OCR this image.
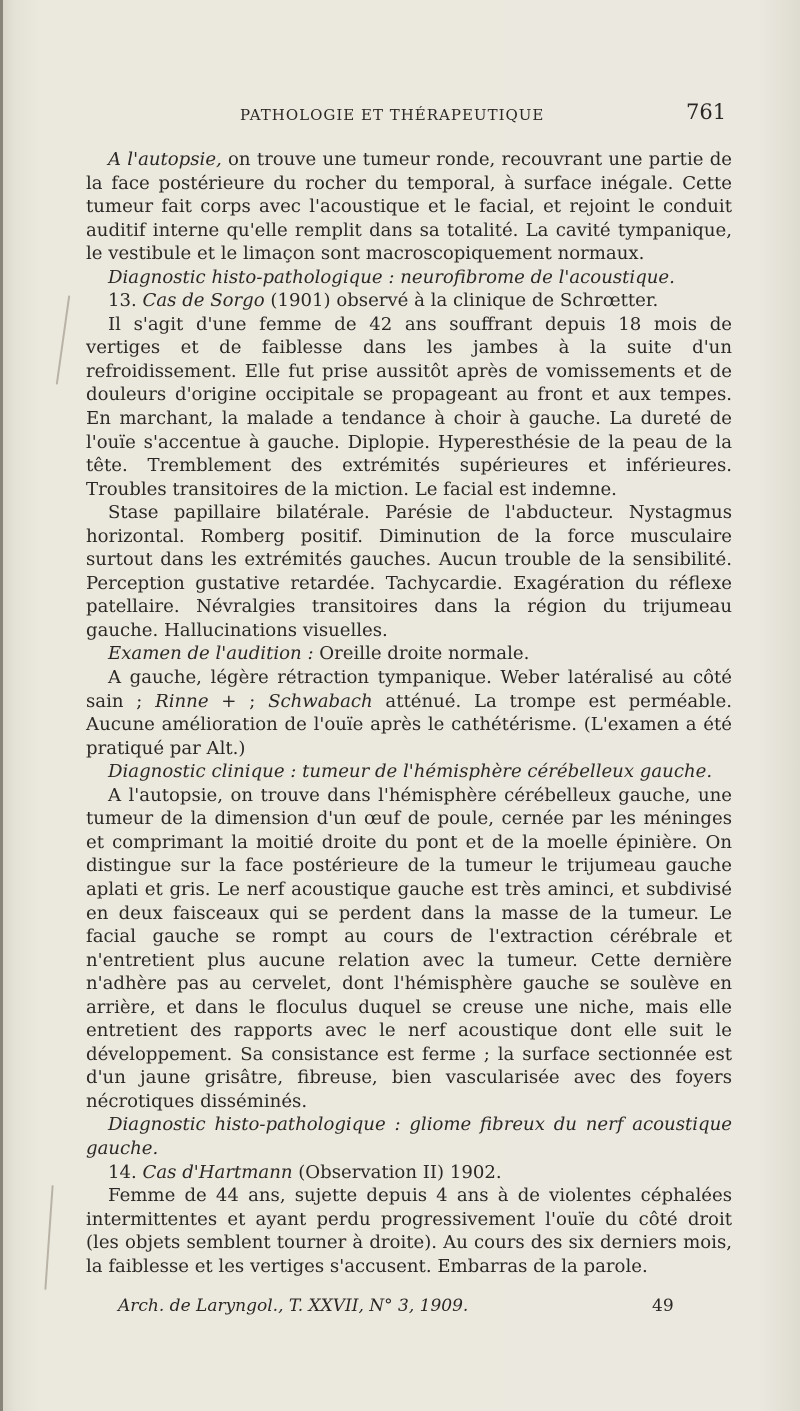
PATHOLOGIE ET THÉRAPEUTIQUE	761

A l'autopsie, on trouve une tumeur ronde, recouvrant une partie de la face postérieure du rocher du temporal, à surface inégale. Cette tumeur fait corps avec l'acoustique et le facial, et rejoint le conduit auditif interne qu'elle remplit dans sa totalité. La cavité tympanique, le vestibule et le limaçon sont macroscopiquement normaux.

Diagnostic histo-pathologique : neurofibrome de l'acoustique.

13. Cas de Sorgo (1901) observé à la clinique de Schrœtter.

Il s'agit d'une femme de 42 ans souffrant depuis 18 mois de vertiges et de faiblesse dans les jambes à la suite d'un refroidissement. Elle fut prise aussitôt après de vomissements et de douleurs d'origine occipitale se propageant au front et aux tempes. En marchant, la malade a tendance à choir à gauche. La dureté de l'ouïe s'accentue à gauche. Diplopie. Hyperesthésie de la peau de la tête. Tremblement des extrémités supérieures et inférieures. Troubles transitoires de la miction. Le facial est indemne.

Stase papillaire bilatérale. Parésie de l'abducteur. Nystagmus horizontal. Romberg positif. Diminution de la force musculaire surtout dans les extrémités gauches. Aucun trouble de la sensibilité. Perception gustative retardée. Tachycardie. Exagération du réflexe patellaire. Névralgies transitoires dans la région du trijumeau gauche. Hallucinations visuelles.

Examen de l'audition : Oreille droite normale.

A gauche, légère rétraction tympanique. Weber latéralisé au côté sain ; Rinne + ; Schwabach atténué. La trompe est perméable. Aucune amélioration de l'ouïe après le cathétérisme. (L'examen a été pratiqué par Alt.)

Diagnostic clinique : tumeur de l'hémisphère cérébelleux gauche.

A l'autopsie, on trouve dans l'hémisphère cérébelleux gauche, une tumeur de la dimension d'un œuf de poule, cernée par les méninges et comprimant la moitié droite du pont et de la moelle épinière. On distingue sur la face postérieure de la tumeur le trijumeau gauche aplati et gris. Le nerf acoustique gauche est très aminci, et subdivisé en deux faisceaux qui se perdent dans la masse de la tumeur. Le facial gauche se rompt au cours de l'extraction cérébrale et n'entretient plus aucune relation avec la tumeur. Cette dernière n'adhère pas au cervelet, dont l'hémisphère gauche se soulève en arrière, et dans le floculus duquel se creuse une niche, mais elle entretient des rapports avec le nerf acoustique dont elle suit le développement. Sa consistance est ferme ; la surface sectionnée est d'un jaune grisâtre, fibreuse, bien vascularisée avec des foyers nécrotiques disséminés.

Diagnostic histo-pathologique : gliome fibreux du nerf acoustique gauche.

14. Cas d'Hartmann (Observation II) 1902.

Femme de 44 ans, sujette depuis 4 ans à de violentes céphalées intermittentes et ayant perdu progressivement l'ouïe du côté droit (les objets semblent tourner à droite). Au cours des six derniers mois, la faiblesse et les vertiges s'accusent. Embarras de la parole.

Arch. de Laryngol., T. XXVII, N° 3, 1909.	49
